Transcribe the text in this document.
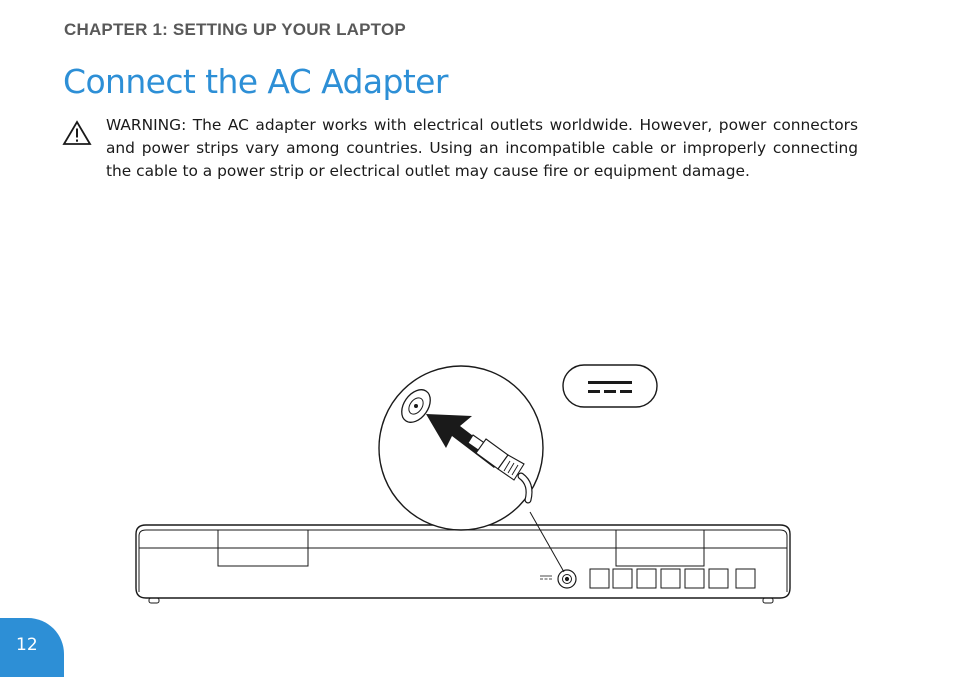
CHAPTER 1: SETTING UP YOUR LAPTOP
Connect the AC Adapter

WARNING: The AC adapter works with electrical outlets worldwide. However, power connectors and power strips vary among countries. Using an incompatible cable or improperly connecting the cable to a power strip or electrical outlet may cause fire or equipment damage.

12
